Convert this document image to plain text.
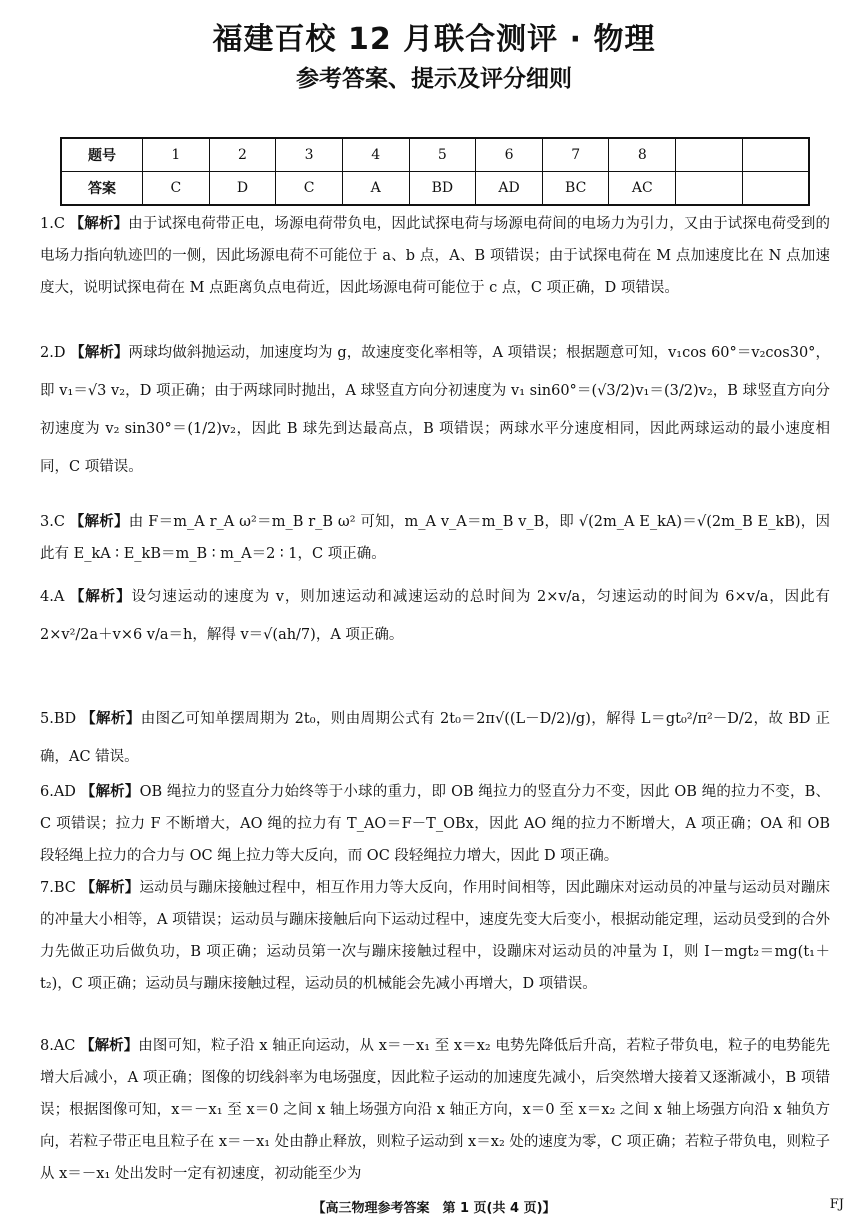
福建百校 12 月联合测评 · 物理
参考答案、提示及评分细则
题号	1	2	3	4	5	6	7	8		
答案	C	D	C	A	BD	AD	BC	AC		
1.C 【解析】由于试探电荷带正电，场源电荷带负电，因此试探电荷与场源电荷间的电场力为引力，又由于试探电荷受到的电场力指向轨迹凹的一侧，因此场源电荷不可能位于 a、b 点，A、B 项错误；由于试探电荷在 M 点加速度比在 N 点加速度大，说明试探电荷在 M 点距离负点电荷近，因此场源电荷可能位于 c 点，C 项正确，D 项错误。
2.D 【解析】两球均做斜抛运动，加速度均为 g，故速度变化率相等，A 项错误；根据题意可知，v₁cos 60°＝v₂cos30°，即 v₁＝√3 v₂，D 项正确；由于两球同时抛出，A 球竖直方向分初速度为 v₁ sin60°＝(√3/2)v₁＝(3/2)v₂，B 球竖直方向分初速度为 v₂ sin30°＝(1/2)v₂，因此 B 球先到达最高点，B 项错误；两球水平分速度相同，因此两球运动的最小速度相同，C 项错误。
3.C 【解析】由 F＝m_A r_A ω²＝m_B r_B ω² 可知，m_A v_A＝m_B v_B，即 √(2m_A E_kA)＝√(2m_B E_kB)，因此有 E_kA ∶ E_kB＝m_B ∶ m_A＝2 ∶ 1，C 项正确。
4.A 【解析】设匀速运动的速度为 v，则加速运动和减速运动的总时间为 2×v/a，匀速运动的时间为 6×v/a，因此有 2×v²/2a＋v×6 v/a＝h，解得 v＝√(ah/7)，A 项正确。
5.BD 【解析】由图乙可知单摆周期为 2t₀，则由周期公式有 2t₀＝2π√((L－D/2)/g)，解得 L＝gt₀²/π²－D/2，故 BD 正确，AC 错误。
6.AD 【解析】OB 绳拉力的竖直分力始终等于小球的重力，即 OB 绳拉力的竖直分力不变，因此 OB 绳的拉力不变，B、C 项错误；拉力 F 不断增大，AO 绳的拉力有 T_AO＝F－T_OBx，因此 AO 绳的拉力不断增大，A 项正确；OA 和 OB 段轻绳上拉力的合力与 OC 绳上拉力等大反向，而 OC 段轻绳拉力增大，因此 D 项正确。
7.BC 【解析】运动员与蹦床接触过程中，相互作用力等大反向，作用时间相等，因此蹦床对运动员的冲量与运动员对蹦床的冲量大小相等，A 项错误；运动员与蹦床接触后向下运动过程中，速度先变大后变小，根据动能定理，运动员受到的合外力先做正功后做负功，B 项正确；运动员第一次与蹦床接触过程中，设蹦床对运动员的冲量为 I，则 I－mgt₂＝mg(t₁＋t₂)，C 项正确；运动员与蹦床接触过程，运动员的机械能会先减小再增大，D 项错误。
8.AC 【解析】由图可知，粒子沿 x 轴正向运动，从 x＝－x₁ 至 x＝x₂ 电势先降低后升高，若粒子带负电，粒子的电势能先增大后减小，A 项正确；图像的切线斜率为电场强度，因此粒子运动的加速度先减小，后突然增大接着又逐渐减小，B 项错误；根据图像可知，x＝－x₁ 至 x＝0 之间 x 轴上场强方向沿 x 轴正方向，x＝0 至 x＝x₂ 之间 x 轴上场强方向沿 x 轴负方向，若粒子带正电且粒子在 x＝－x₁ 处由静止释放，则粒子运动到 x＝x₂ 处的速度为零，C 项正确；若粒子带负电，则粒子从 x＝－x₁ 处出发时一定有初速度，初动能至少为
【高三物理参考答案　第 1 页(共 4 页)】	FJ
